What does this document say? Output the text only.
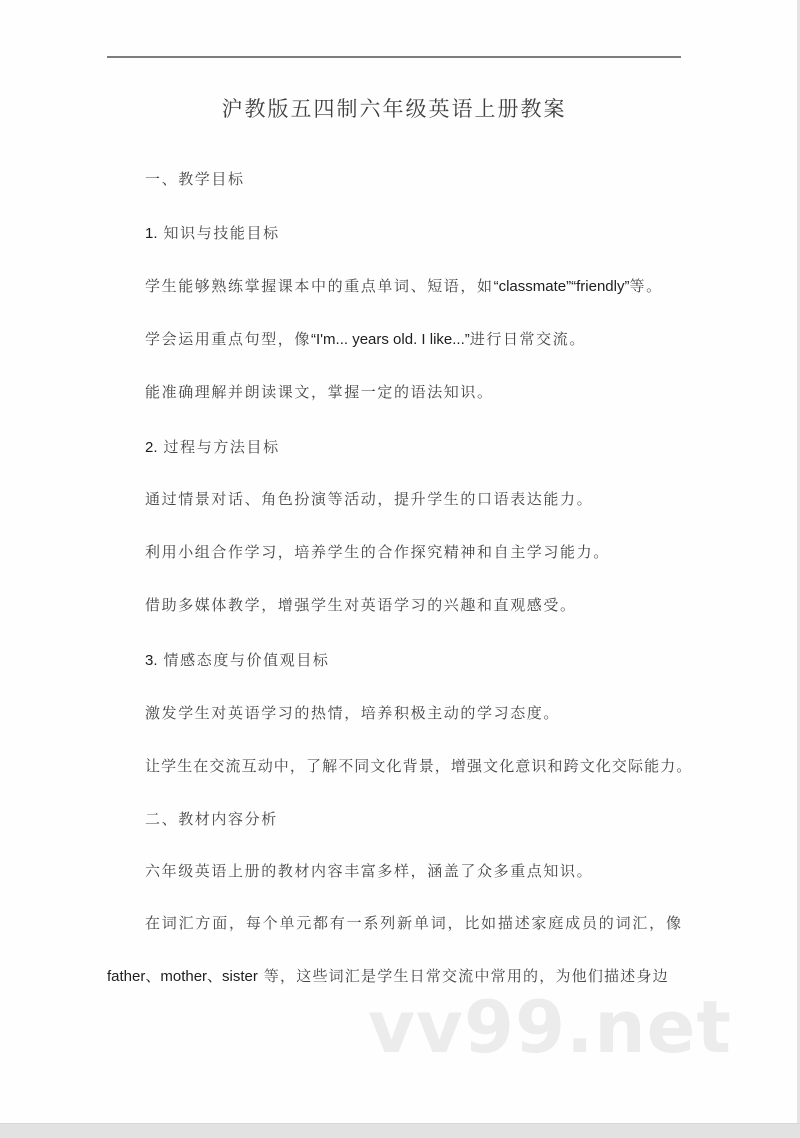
沪教版五四制六年级英语上册教案
一、教学目标
1. 知识与技能目标
学生能够熟练掌握课本中的重点单词、短语，如“classmate”“friendly”等。
学会运用重点句型，像“I'm... years old. I like...”进行日常交流。
能准确理解并朗读课文，掌握一定的语法知识。
2. 过程与方法目标
通过情景对话、角色扮演等活动，提升学生的口语表达能力。
利用小组合作学习，培养学生的合作探究精神和自主学习能力。
借助多媒体教学，增强学生对英语学习的兴趣和直观感受。
3. 情感态度与价值观目标
激发学生对英语学习的热情，培养积极主动的学习态度。
让学生在交流互动中，了解不同文化背景，增强文化意识和跨文化交际能力。
二、教材内容分析
六年级英语上册的教材内容丰富多样，涵盖了众多重点知识。
在词汇方面，每个单元都有一系列新单词，比如描述家庭成员的词汇，像
father、mother、sister 等，这些词汇是学生日常交流中常用的，为他们描述身边
vv99.net
